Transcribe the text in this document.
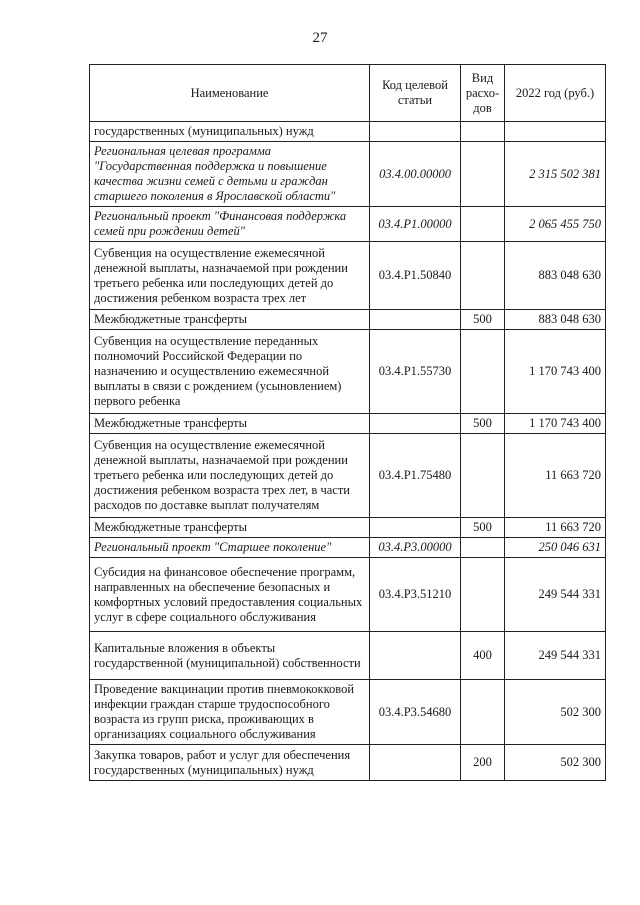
27
Наименование	Код целевой статьи	Вид расхо-дов	2022 год (руб.)
государственных (муниципальных) нужд			
Региональная целевая программа "Государственная поддержка и повышение качества жизни семей с детьми и граждан старшего поколения в Ярославской области"	03.4.00.00000		2 315 502 381
Региональный проект "Финансовая поддержка семей при рождении детей"	03.4.P1.00000		2 065 455 750
Субвенция на осуществление ежемесячной денежной выплаты, назначаемой при рождении третьего ребенка или последующих детей до достижения ребенком возраста трех лет	03.4.P1.50840		883 048 630
Межбюджетные трансферты		500	883 048 630
Субвенция на осуществление переданных полномочий Российской Федерации по назначению и осуществлению ежемесячной выплаты в связи с рождением (усыновлением) первого ребенка	03.4.P1.55730		1 170 743 400
Межбюджетные трансферты		500	1 170 743 400
Субвенция на осуществление ежемесячной денежной выплаты, назначаемой при рождении третьего ребенка или последующих детей до достижения ребенком возраста трех лет, в части расходов по доставке выплат получателям	03.4.P1.75480		11 663 720
Межбюджетные трансферты		500	11 663 720
Региональный проект "Старшее поколение"	03.4.P3.00000		250 046 631
Субсидия на финансовое обеспечение программ, направленных на обеспечение безопасных и комфортных условий предоставления социальных услуг в сфере социального обслуживания	03.4.P3.51210		249 544 331
Капитальные вложения в объекты государственной (муниципальной) собственности		400	249 544 331
Проведение вакцинации против пневмококковой инфекции граждан старше трудоспособного возраста из групп риска, проживающих в организациях социального обслуживания	03.4.P3.54680		502 300
Закупка товаров, работ и услуг для обеспечения государственных (муниципальных) нужд		200	502 300
